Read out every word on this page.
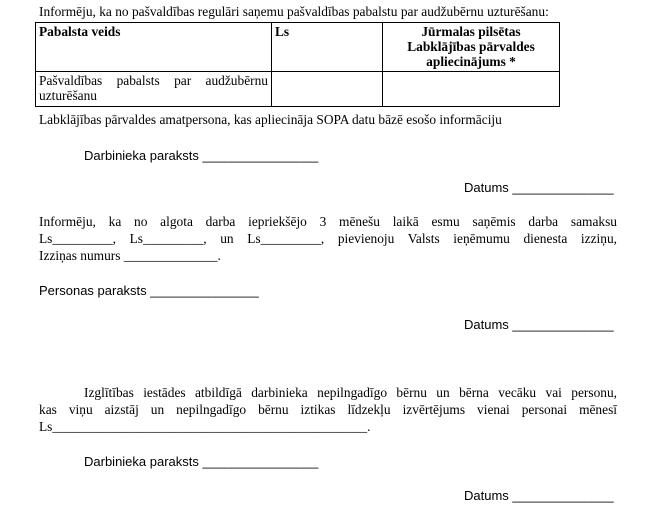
Informēju, ka no pašvaldības regulāri saņemu pašvaldības pabalstu par audžubērnu uzturēšanu:
Pabalsta veids	Ls	Jūrmalas pilsētas Labklājības pārvaldes apliecinājums *
Pašvaldības pabalsts par audžubērnu uzturēšanu		
Labklājības pārvaldes amatpersona, kas apliecināja SOPA datu bāzē esošo informāciju
Darbinieka paraksts ________________
Datums ______________
Informēju, ka no algota darba iepriekšējo 3 mēnešu laikā esmu saņēmis darba samaksu
Ls_________, Ls_________, un Ls_________, pievienoju Valsts ieņēmumu dienesta izziņu,
Izziņas numurs ______________.
Personas paraksts _______________
Datums ______________
Izglītības iestādes atbildīgā darbinieka nepilngadīgo bērnu un bērna vecāku vai personu,
kas viņu aizstāj un nepilngadīgo bērnu iztikas līdzekļu izvērtējums vienai personai mēnesī
Ls_______________________________________________.
Darbinieka paraksts ________________
Datums ______________
